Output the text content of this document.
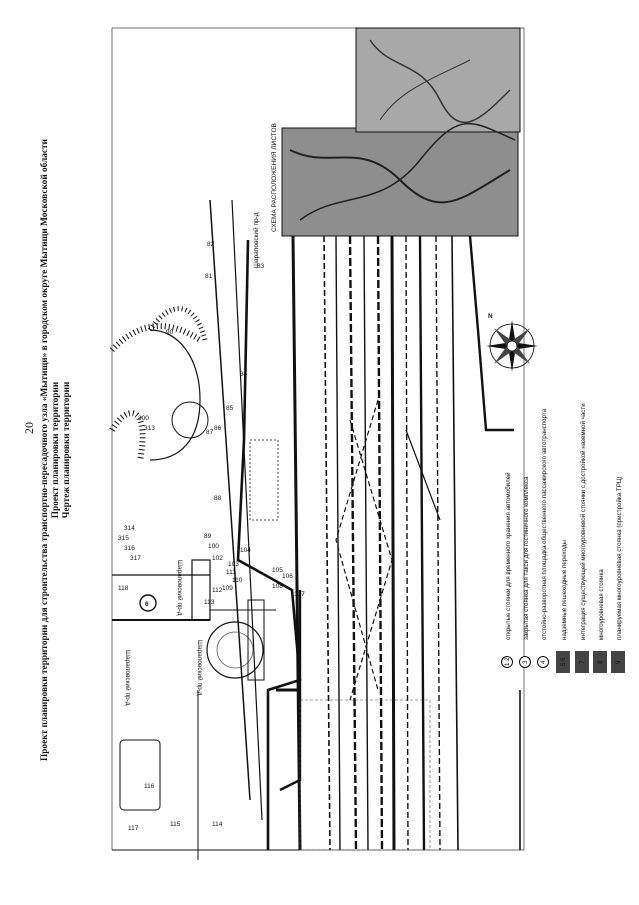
20 Проект планировки территории для строительства транспортно-пересадочного узла «Мытищи» в городском округе Мытищи Московской области Проект планировки территории Чертеж планировки территории
СХЕМА РАСПОЛОЖЕНИЯ ЛИСТОВ
Шараповский пр-д
Шараповский пр-д
Шараповский пр-д
Шараповский пр-д
81
82
83
84
85
86
87
88
89
90
100
102
103
104
105
106
107
108
109
110
111
112
113
114
115
116
117
118
300
313
314
315
316
317
6
N
1 2 3 4 5 6 7 8 9
открытые стоянки для временного хранения автомобилей закрытая стоянка для такси для гостиничного комплекса отстойно-разворотная площадка общественного пассажирского автотранспорта надземные пешеходные переходы интеграция существующей многоуровневой стоянки с достройкой наземной части многоуровневая стоянка планируемая многоуровневая стоянка (пристройка ТРЦ)
